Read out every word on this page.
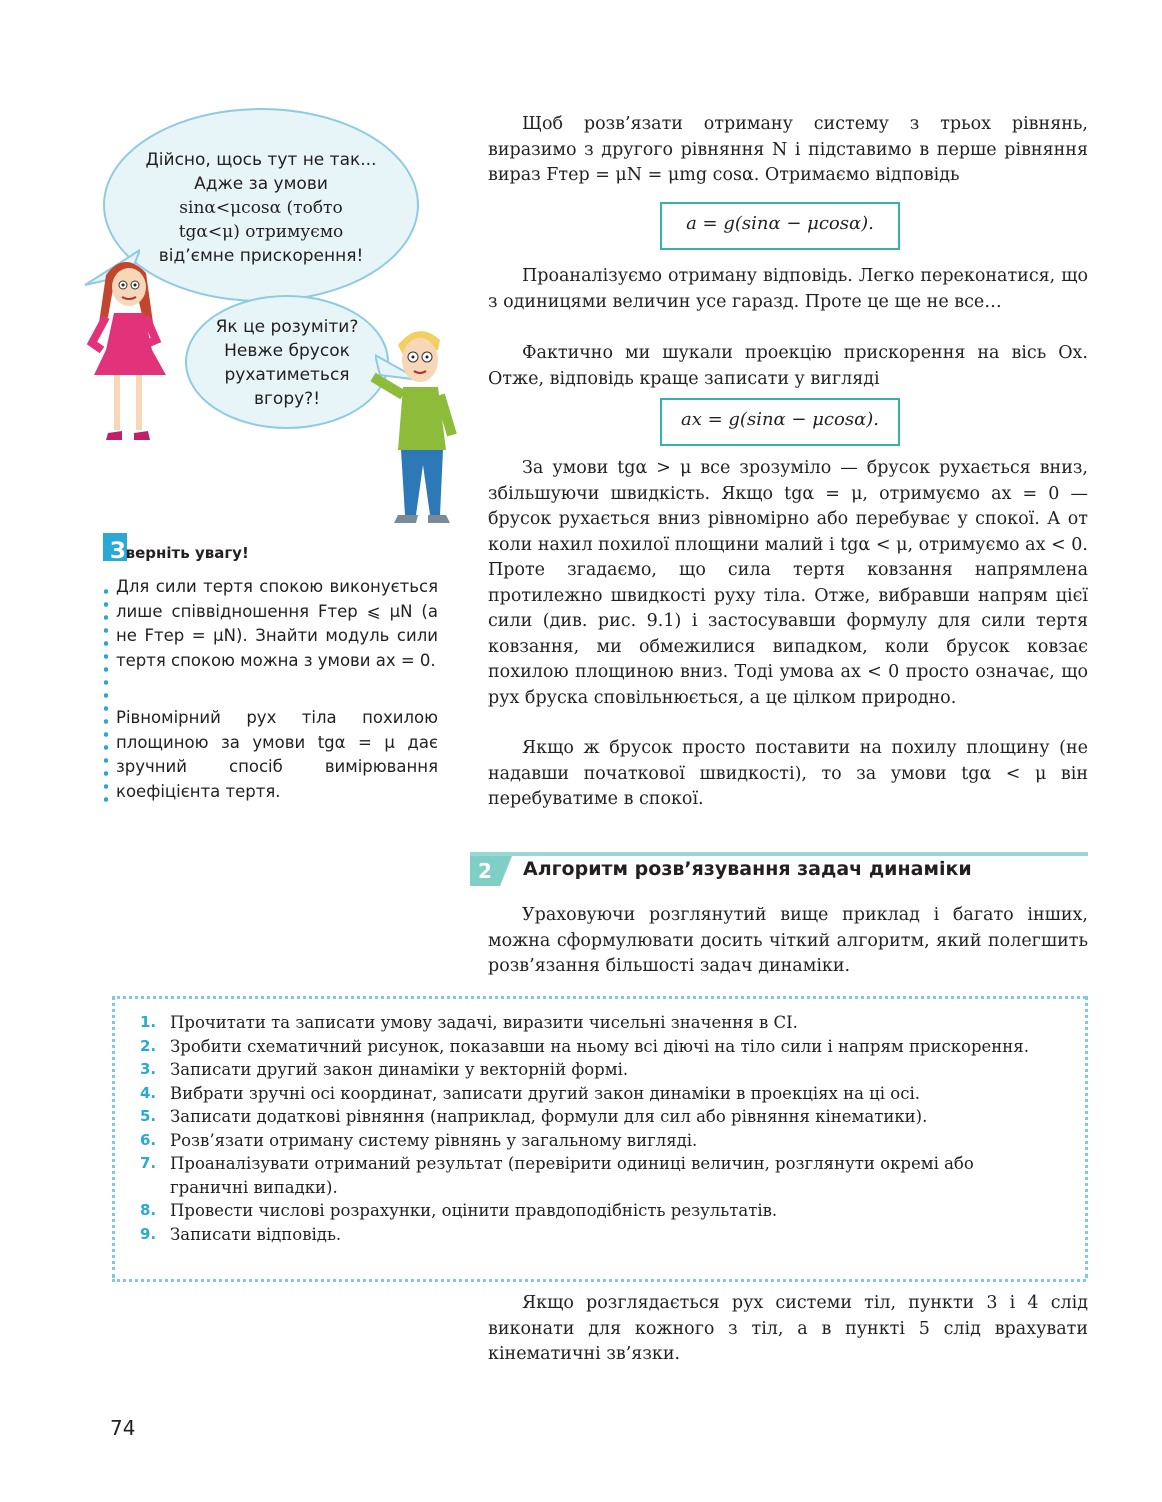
Дійсно, щось тут не так...
Адже за умови
sinα<μcosα (тобто
tgα<μ) отримуємо
від’ємне прискорення!
Як це розуміти?
Невже брусок
рухатиметься
вгору?!
Зверніть увагу!
Для сили тертя спокою виконується лише співвідношення Fтер ⩽ μN (а не Fтер = μN). Знайти модуль сили тертя спокою можна з умови ax = 0.
Рівномірний рух тіла похилою площиною за умови tgα = μ дає зручний спосіб вимірювання коефіцієнта тертя.
Щоб розв’язати отриману систему з трьох рівнянь, виразимо з другого рівняння N і підставимо в перше рівняння вираз Fтер = μN = μmg cosα. Отримаємо відповідь
a = g(sinα − μcosα).
Проаналізуємо отриману відповідь. Легко переконатися, що з одиницями величин усе гаразд. Проте це ще не все…
Фактично ми шукали проекцію прискорення на вісь Ox. Отже, відповідь краще записати у вигляді
ax = g(sinα − μcosα).
За умови tgα > μ все зрозуміло — брусок рухається вниз, збільшуючи швидкість. Якщо tgα = μ, отримуємо ax = 0 — брусок рухається вниз рівномірно або перебуває у спокої. А от коли нахил похилої площини малий і tgα < μ, отримуємо ax < 0. Проте згадаємо, що сила тертя ковзання напрямлена протилежно швидкості руху тіла. Отже, вибравши напрям цієї сили (див. рис. 9.1) і застосувавши формулу для сили тертя ковзання, ми обмежилися випадком, коли брусок ковзає похилою площиною вниз. Тоді умова ax < 0 просто означає, що рух бруска сповільнюється, а це цілком природно.
Якщо ж брусок просто поставити на похилу площину (не надавши початкової швидкості), то за умови tgα < μ він перебуватиме в спокої.
2	Алгоритм розв’язування задач динаміки
Ураховуючи розглянутий вище приклад і багато інших, можна сформулювати досить чіткий алгоритм, який полегшить розв’язання більшості задач динаміки.
1. Прочитати та записати умову задачі, виразити чисельні значення в СІ.
2. Зробити схематичний рисунок, показавши на ньому всі діючі на тіло сили і напрям прискорення.
3. Записати другий закон динаміки у векторній формі.
4. Вибрати зручні осі координат, записати другий закон динаміки в проекціях на ці осі.
5. Записати додаткові рівняння (наприклад, формули для сил або рівняння кінематики).
6. Розв’язати отриману систему рівнянь у загальному вигляді.
7. Проаналізувати отриманий результат (перевірити одиниці величин, розглянути окремі або граничні випадки).
8. Провести числові розрахунки, оцінити правдоподібність результатів.
9. Записати відповідь.
Якщо розглядається рух системи тіл, пункти 3 і 4 слід виконати для кожного з тіл, а в пункті 5 слід врахувати кінематичні зв’язки.
74
